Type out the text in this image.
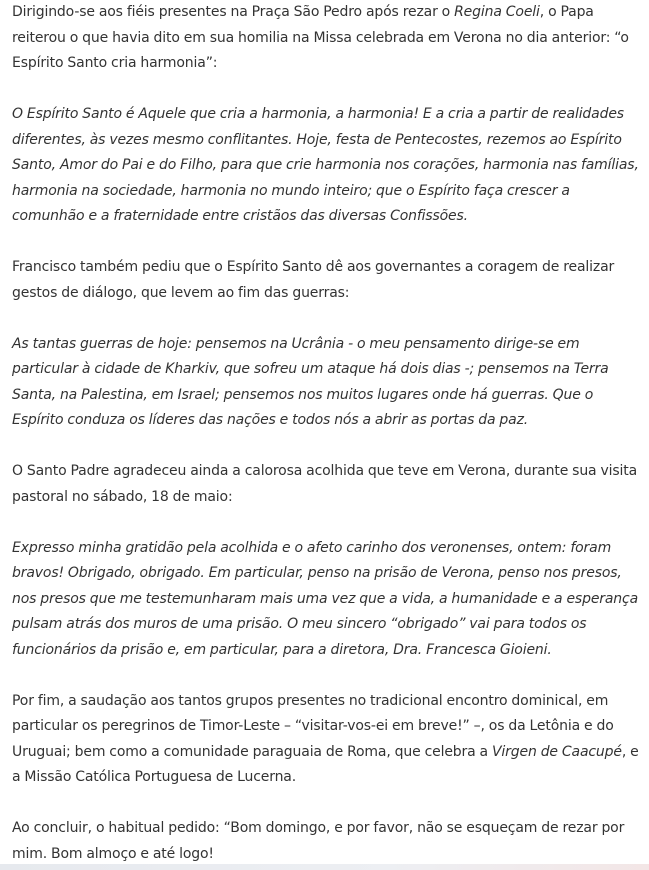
Dirigindo-se aos fiéis presentes na Praça São Pedro após rezar o Regina Coeli, o Papa reiterou o que havia dito em sua homilia na Missa celebrada em Verona no dia anterior: “o Espírito Santo cria harmonia”:

O Espírito Santo é Aquele que cria a harmonia, a harmonia! E a cria a partir de realidades diferentes, às vezes mesmo conflitantes. Hoje, festa de Pentecostes, rezemos ao Espírito Santo, Amor do Pai e do Filho, para que crie harmonia nos corações, harmonia nas famílias, harmonia na sociedade, harmonia no mundo inteiro; que o Espírito faça crescer a comunhão e a fraternidade entre cristãos das diversas Confissões.

Francisco também pediu que o Espírito Santo dê aos governantes a coragem de realizar gestos de diálogo, que levem ao fim das guerras:

As tantas guerras de hoje: pensemos na Ucrânia - o meu pensamento dirige-se em particular à cidade de Kharkiv, que sofreu um ataque há dois dias -; pensemos na Terra Santa, na Palestina, em Israel; pensemos nos muitos lugares onde há guerras. Que o Espírito conduza os líderes das nações e todos nós a abrir as portas da paz.

O Santo Padre agradeceu ainda a calorosa acolhida que teve em Verona, durante sua visita pastoral no sábado, 18 de maio:

Expresso minha gratidão pela acolhida e o afeto carinho dos veronenses, ontem: foram bravos! Obrigado, obrigado. Em particular, penso na prisão de Verona, penso nos presos, nos presos que me testemunharam mais uma vez que a vida, a humanidade e a esperança pulsam atrás dos muros de uma prisão. O meu sincero “obrigado” vai para todos os funcionários da prisão e, em particular, para a diretora, Dra. Francesca Gioieni.

Por fim, a saudação aos tantos grupos presentes no tradicional encontro dominical, em particular os peregrinos de Timor-Leste – “visitar-vos-ei em breve!” –, os da Letônia e do Uruguai; bem como a comunidade paraguaia de Roma, que celebra a Virgen de Caacupé, e a Missão Católica Portuguesa de Lucerna.

Ao concluir, o habitual pedido: “Bom domingo, e por favor, não se esqueçam de rezar por mim. Bom almoço e até logo!
